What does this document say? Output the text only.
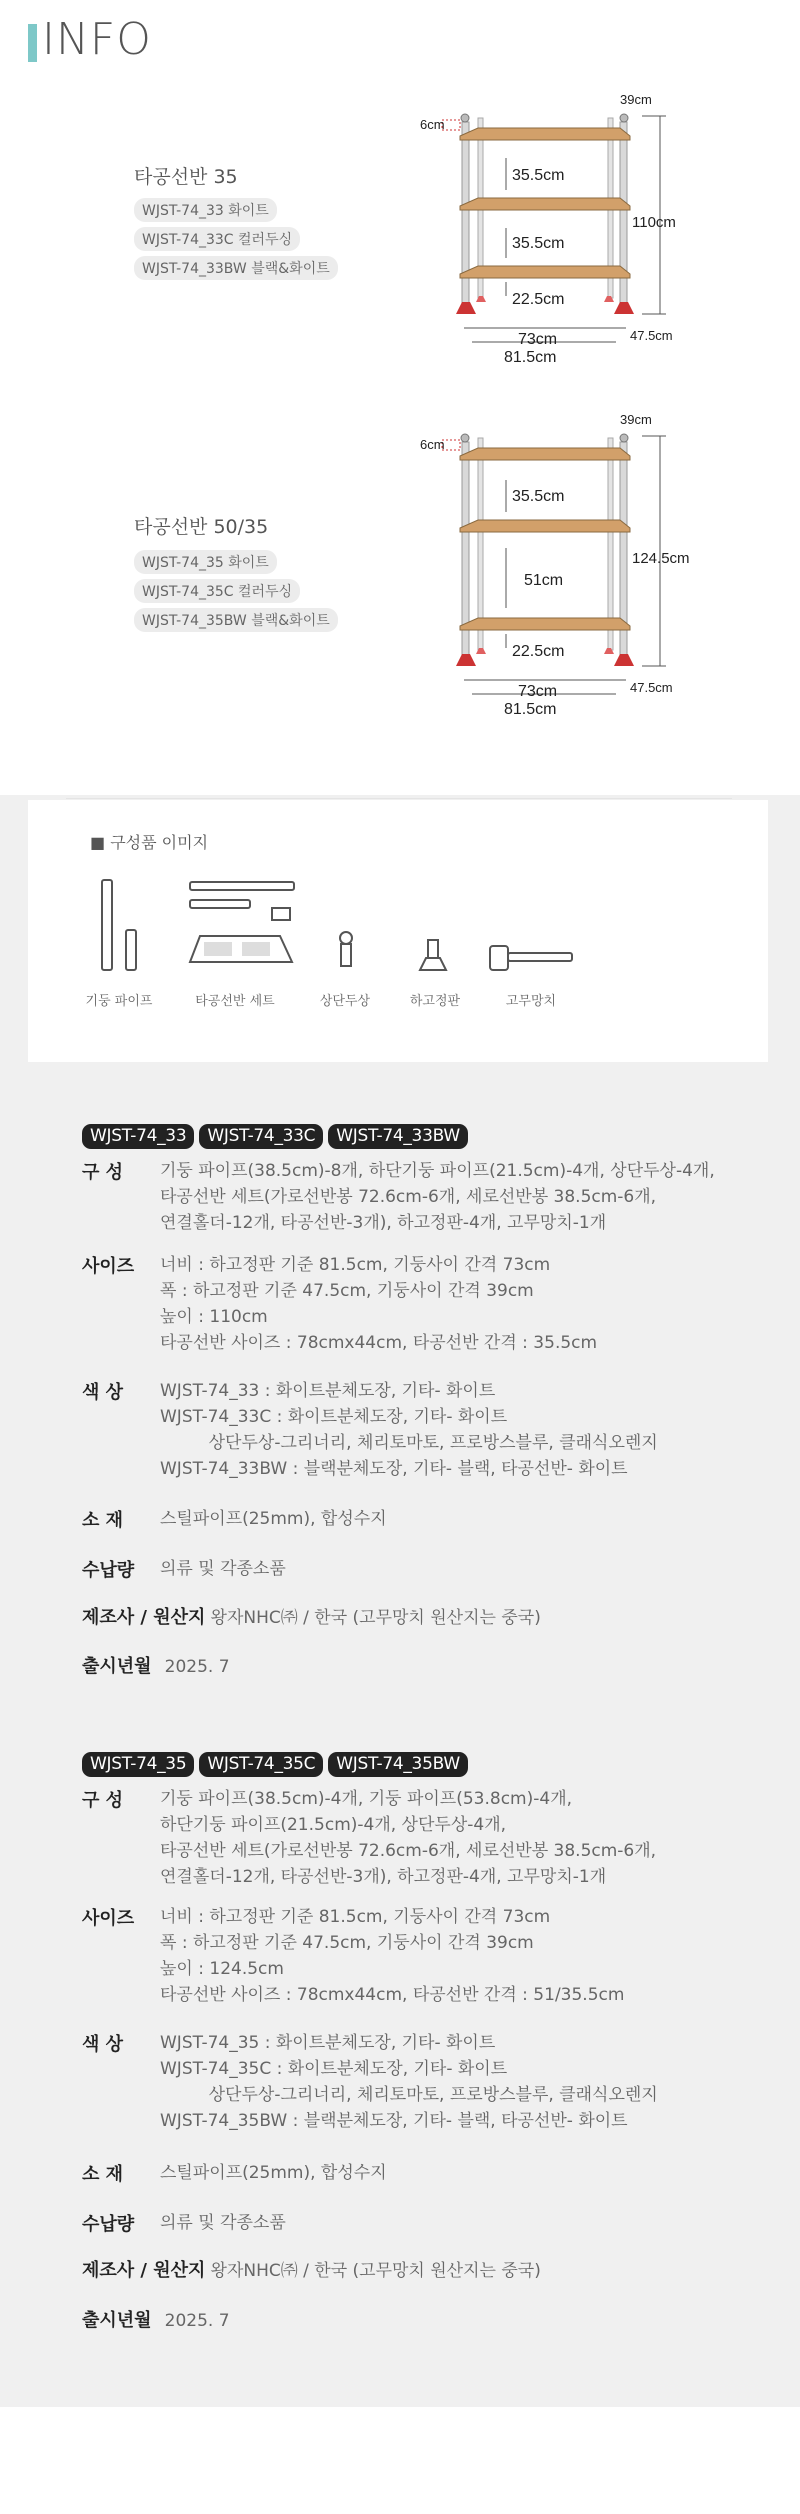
INFO
타공선반 35
WJST-74_33 화이트
WJST-74_33C 컬러두싱
WJST-74_33BW 블랙&화이트
타공선반 50/35
WJST-74_35 화이트
WJST-74_35C 컬러두싱
WJST-74_35BW 블랙&화이트
6cm
39cm
35.5cm
35.5cm
22.5cm
110cm
73cm
81.5cm
47.5cm
6cm
39cm
35.5cm
51cm
22.5cm
124.5cm
73cm
81.5cm
47.5cm
■ 구성품 이미지
기둥 파이프	타공선반 세트	상단두상	하고정판	고무망치
WJST-74_33 WJST-74_33C WJST-74_33BW
구 성 기둥 파이프(38.5cm)-8개, 하단기둥 파이프(21.5cm)-4개, 상단두상-4개,
타공선반 세트(가로선반봉 72.6cm-6개, 세로선반봉 38.5cm-6개,
연결홀더-12개, 타공선반-3개), 하고정판-4개, 고무망치-1개
사이즈 너비 : 하고정판 기준 81.5cm, 기둥사이 간격 73cm
폭 : 하고정판 기준 47.5cm, 기둥사이 간격 39cm
높이 : 110cm
타공선반 사이즈 : 78cmx44cm, 타공선반 간격 : 35.5cm
색 상 WJST-74_33 : 화이트분체도장, 기타- 화이트
WJST-74_33C : 화이트분체도장, 기타- 화이트
상단두상-그리너리, 체리토마토, 프로방스블루, 클래식오렌지
WJST-74_33BW : 블랙분체도장, 기타- 블랙, 타공선반- 화이트
소 재 스틸파이프(25mm), 합성수지
수납량 의류 및 각종소품
제조사 / 원산지 왕자NHC㈜ / 한국 (고무망치 원산지는 중국)
출시년월 2025. 7
WJST-74_35 WJST-74_35C WJST-74_35BW
구 성 기둥 파이프(38.5cm)-4개, 기둥 파이프(53.8cm)-4개,
하단기둥 파이프(21.5cm)-4개, 상단두상-4개,
타공선반 세트(가로선반봉 72.6cm-6개, 세로선반봉 38.5cm-6개,
연결홀더-12개, 타공선반-3개), 하고정판-4개, 고무망치-1개
사이즈 너비 : 하고정판 기준 81.5cm, 기둥사이 간격 73cm
폭 : 하고정판 기준 47.5cm, 기둥사이 간격 39cm
높이 : 124.5cm
타공선반 사이즈 : 78cmx44cm, 타공선반 간격 : 51/35.5cm
색 상 WJST-74_35 : 화이트분체도장, 기타- 화이트
WJST-74_35C : 화이트분체도장, 기타- 화이트
상단두상-그리너리, 체리토마토, 프로방스블루, 클래식오렌지
WJST-74_35BW : 블랙분체도장, 기타- 블랙, 타공선반- 화이트
소 재 스틸파이프(25mm), 합성수지
수납량 의류 및 각종소품
제조사 / 원산지 왕자NHC㈜ / 한국 (고무망치 원산지는 중국)
출시년월 2025. 7
